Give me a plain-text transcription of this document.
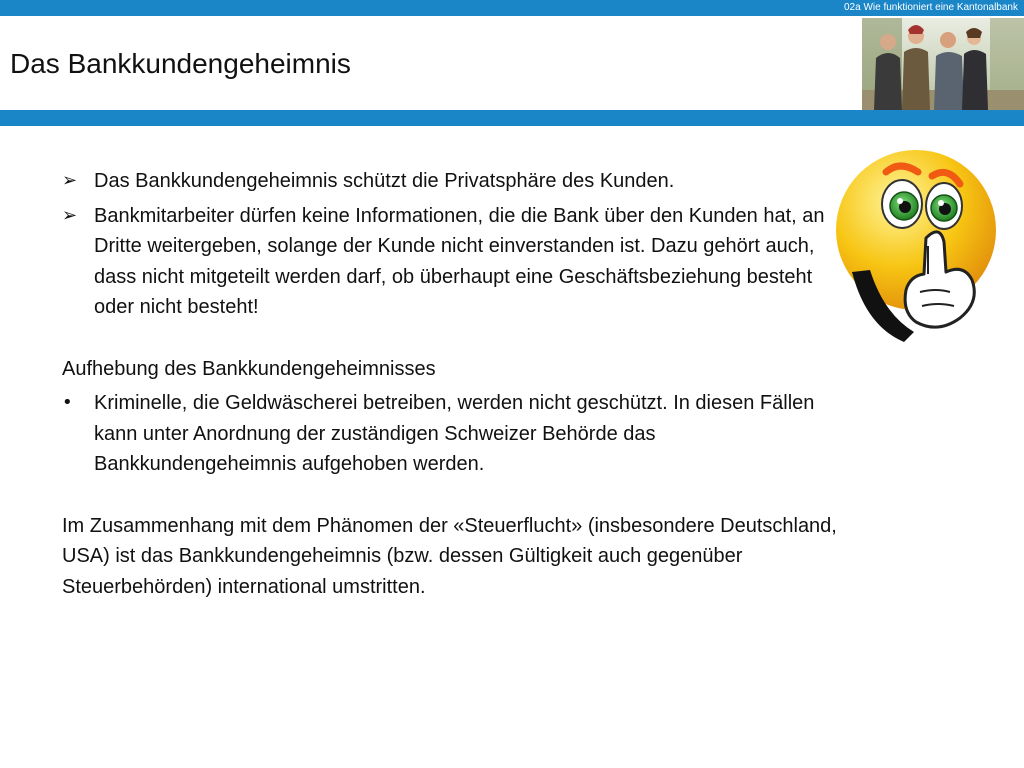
02a Wie funktioniert eine Kantonalbank
Das Bankkundengeheimnis
➢ Das Bankkundengeheimnis schützt die Privatsphäre des Kunden.
➢ Bankmitarbeiter dürfen keine Informationen, die die Bank über den Kunden hat, an Dritte weitergeben, solange der Kunde nicht einverstanden ist. Dazu gehört auch, dass nicht mitgeteilt werden darf, ob überhaupt eine Geschäftsbeziehung besteht oder nicht besteht!
Aufhebung des Bankkundengeheimnisses
•	Kriminelle, die Geldwäscherei betreiben, werden nicht geschützt. In diesen Fällen kann unter Anordnung der zuständigen Schweizer Behörde das Bankkundengeheimnis aufgehoben werden.
Im Zusammenhang mit dem Phänomen der «Steuerflucht» (insbesondere Deutschland, USA) ist das Bankkundengeheimnis (bzw. dessen Gültigkeit auch gegenüber Steuerbehörden) international umstritten.
